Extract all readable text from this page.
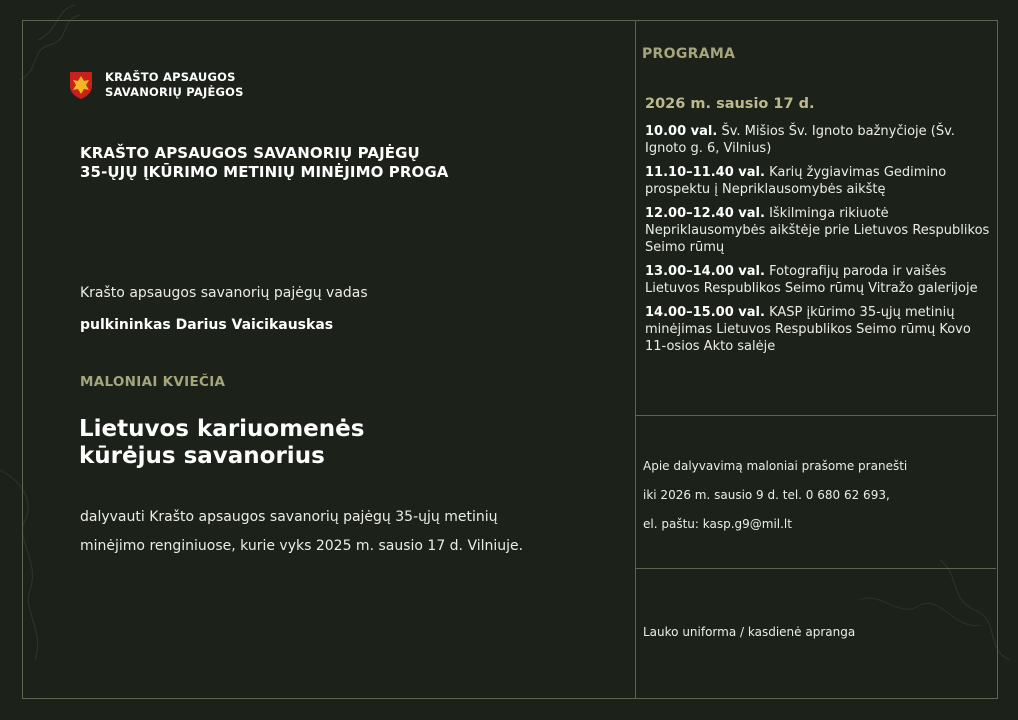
KRAŠTO APSAUGOS
SAVANORIŲ PAJĖGOS
KRAŠTO APSAUGOS SAVANORIŲ PAJĖGŲ
35-ŲJŲ ĮKŪRIMO METINIŲ MINĖJIMO PROGA
Krašto apsaugos savanorių pajėgų vadas
pulkininkas Darius Vaicikauskas
MALONIAI KVIEČIA
Lietuvos kariuomenės
kūrėjus savanorius
dalyvauti Krašto apsaugos savanorių pajėgų 35-ųjų metinių
minėjimo renginiuose, kurie vyks 2025 m. sausio 17 d. Vilniuje.
PROGRAMA
2026 m. sausio 17 d.
10.00 val. Šv. Mišios Šv. Ignoto bažnyčioje (Šv. Ignoto g. 6, Vilnius)
11.10–11.40 val. Karių žygiavimas Gedimino prospektu į Nepriklausomybės aikštę
12.00–12.40 val. Iškilminga rikiuotė Nepriklausomybės aikštėje prie Lietuvos Respublikos Seimo rūmų
13.00–14.00 val. Fotografijų paroda ir vaišės Lietuvos Respublikos Seimo rūmų Vitražo galerijoje
14.00–15.00 val. KASP įkūrimo 35-ųjų metinių minėjimas Lietuvos Respublikos Seimo rūmų Kovo 11-osios Akto salėje
Apie dalyvavimą maloniai prašome pranešti
iki 2026 m. sausio 9 d. tel. 0 680 62 693,
el. paštu: kasp.g9@mil.lt
Lauko uniforma / kasdienė apranga
